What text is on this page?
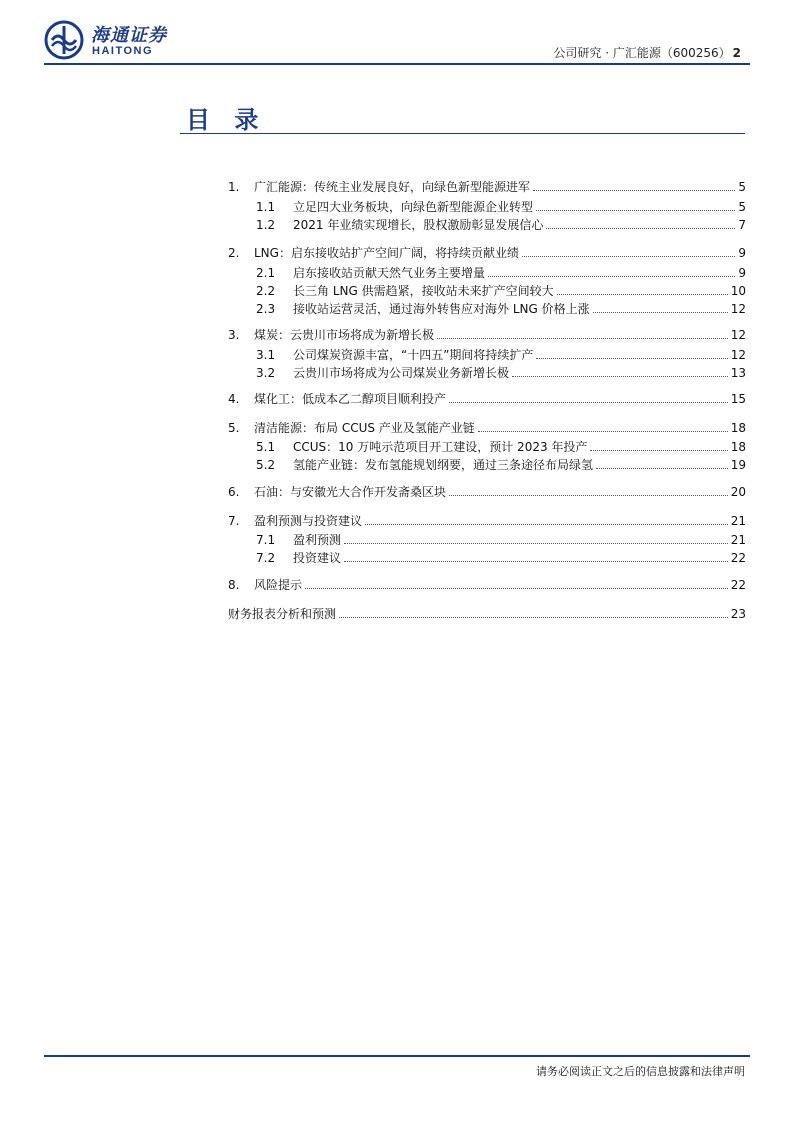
海通证券
HAITONG	公司研究 · 广汇能源（600256） 2
目 录
1.	广汇能源：传统主业发展良好，向绿色新型能源进军	5
1.1	立足四大业务板块，向绿色新型能源企业转型	5
1.2	2021 年业绩实现增长，股权激励彰显发展信心	7
2.	LNG：启东接收站扩产空间广阔，将持续贡献业绩	9
2.1	启东接收站贡献天然气业务主要增量	9
2.2	长三角 LNG 供需趋紧，接收站未来扩产空间较大	10
2.3	接收站运营灵活，通过海外转售应对海外 LNG 价格上涨	12
3.	煤炭：云贵川市场将成为新增长极	12
3.1	公司煤炭资源丰富，“十四五”期间将持续扩产	12
3.2	云贵川市场将成为公司煤炭业务新增长极	13
4.	煤化工：低成本乙二醇项目顺利投产	15
5.	清洁能源：布局 CCUS 产业及氢能产业链	18
5.1	CCUS：10 万吨示范项目开工建设，预计 2023 年投产	18
5.2	氢能产业链：发布氢能规划纲要，通过三条途径布局绿氢	19
6.	石油：与安徽光大合作开发斋桑区块	20
7.	盈利预测与投资建议	21
7.1	盈利预测	21
7.2	投资建议	22
8.	风险提示	22
财务报表分析和预测	23
请务必阅读正文之后的信息披露和法律声明
